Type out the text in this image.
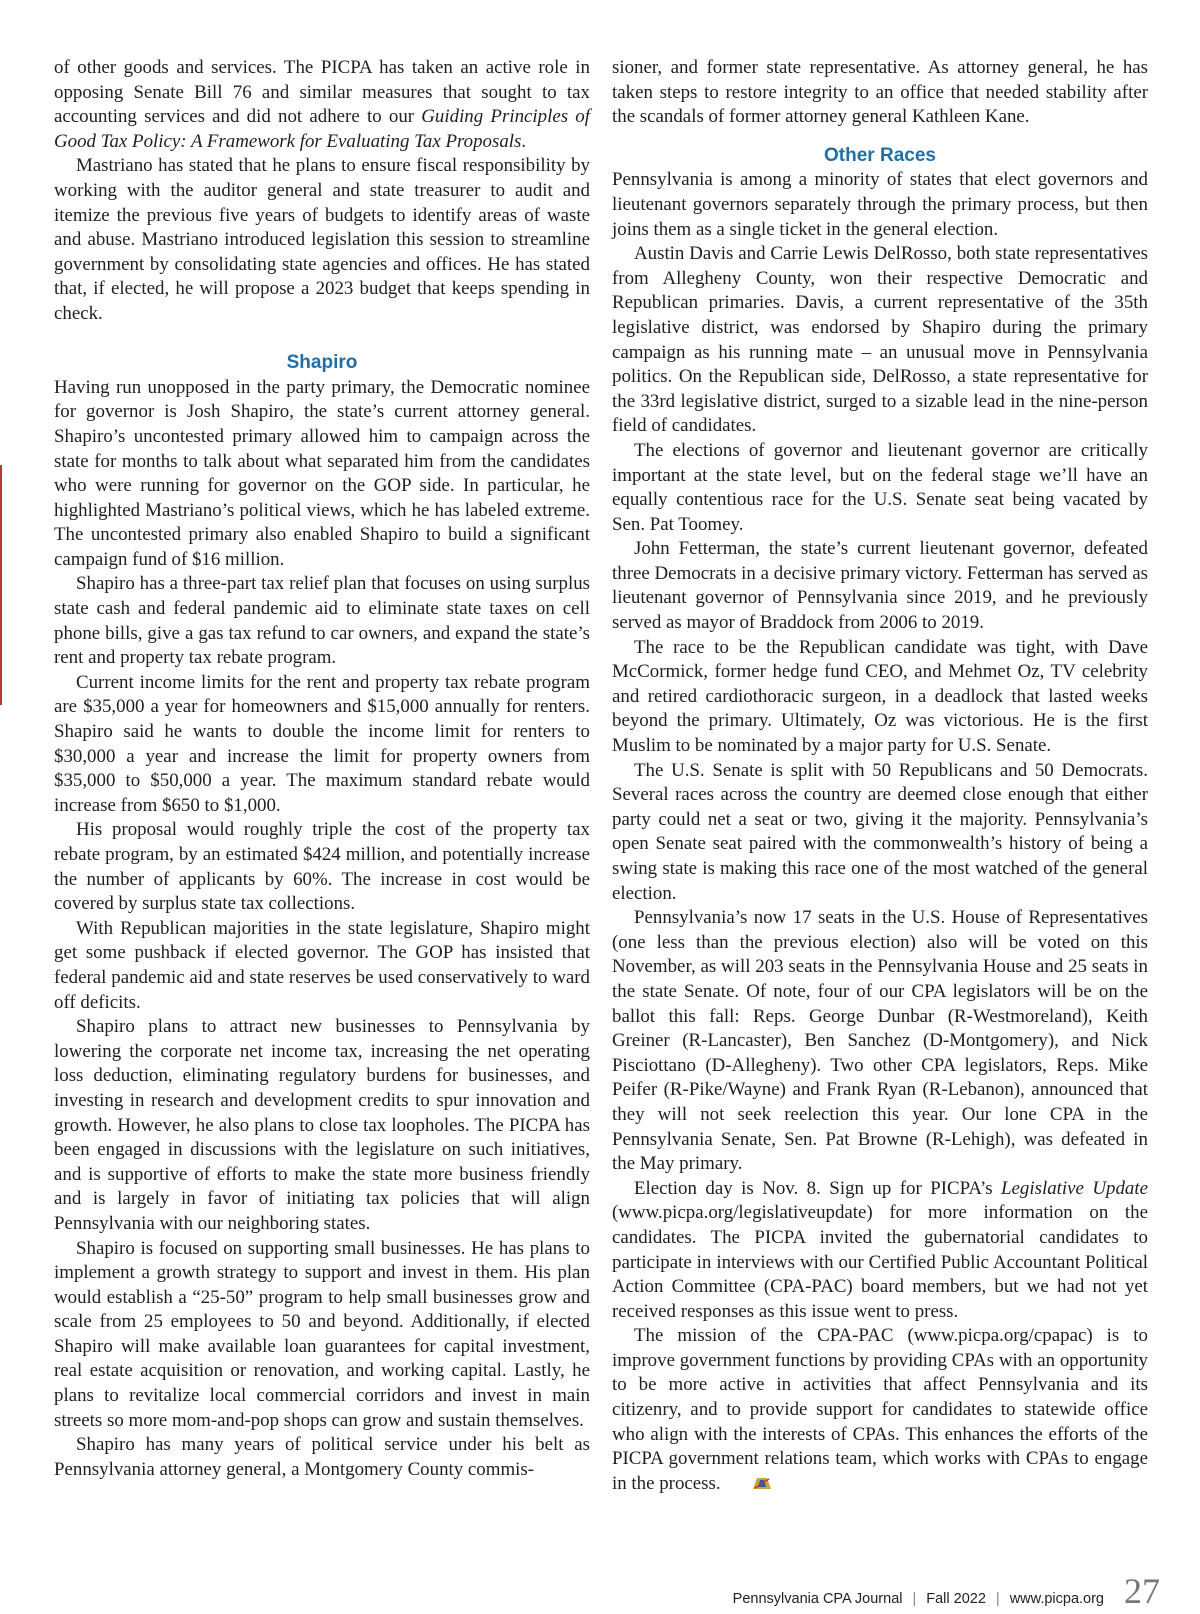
of other goods and services. The PICPA has taken an active role in opposing Senate Bill 76 and similar measures that sought to tax accounting services and did not adhere to our Guiding Principles of Good Tax Policy: A Framework for Evaluating Tax Proposals.

Mastriano has stated that he plans to ensure fiscal responsibility by working with the auditor general and state treasurer to audit and itemize the previous five years of budgets to identify areas of waste and abuse. Mastriano introduced legislation this session to streamline government by consolidating state agencies and offices. He has stated that, if elected, he will propose a 2023 budget that keeps spending in check.

Shapiro

Having run unopposed in the party primary, the Democratic nominee for governor is Josh Shapiro, the state’s current attorney general. Shapiro’s uncontested primary allowed him to campaign across the state for months to talk about what separated him from the candidates who were running for governor on the GOP side. In particular, he highlighted Mastriano’s political views, which he has labeled extreme. The uncontested primary also enabled Shapiro to build a significant campaign fund of $16 million.

Shapiro has a three-part tax relief plan that focuses on using surplus state cash and federal pandemic aid to eliminate state taxes on cell phone bills, give a gas tax refund to car owners, and expand the state’s rent and property tax rebate program.

Current income limits for the rent and property tax rebate program are $35,000 a year for homeowners and $15,000 annually for renters. Shapiro said he wants to double the income limit for renters to $30,000 a year and increase the limit for property owners from $35,000 to $50,000 a year. The maximum standard rebate would increase from $650 to $1,000.

His proposal would roughly triple the cost of the property tax rebate program, by an estimated $424 million, and potentially increase the number of applicants by 60%. The increase in cost would be covered by surplus state tax collections.

With Republican majorities in the state legislature, Shapiro might get some pushback if elected governor. The GOP has insisted that federal pandemic aid and state reserves be used conservatively to ward off deficits.

Shapiro plans to attract new businesses to Pennsylvania by lowering the corporate net income tax, increasing the net operating loss deduction, eliminating regulatory burdens for businesses, and investing in research and development credits to spur innovation and growth. However, he also plans to close tax loopholes. The PICPA has been engaged in discussions with the legislature on such initiatives, and is supportive of efforts to make the state more business friendly and is largely in favor of initiating tax policies that will align Pennsylvania with our neighboring states.

Shapiro is focused on supporting small businesses. He has plans to implement a growth strategy to support and invest in them. His plan would establish a “25-50” program to help small businesses grow and scale from 25 employees to 50 and beyond. Additionally, if elected Shapiro will make available loan guarantees for capital investment, real estate acquisition or renovation, and working capital. Lastly, he plans to revitalize local commercial corridors and invest in main streets so more mom-and-pop shops can grow and sustain themselves.

Shapiro has many years of political service under his belt as Pennsylvania attorney general, a Montgomery County commis-

sioner, and former state representative. As attorney general, he has taken steps to restore integrity to an office that needed stability after the scandals of former attorney general Kathleen Kane.

Other Races

Pennsylvania is among a minority of states that elect governors and lieutenant governors separately through the primary process, but then joins them as a single ticket in the general election.

Austin Davis and Carrie Lewis DelRosso, both state representatives from Allegheny County, won their respective Democratic and Republican primaries. Davis, a current representative of the 35th legislative district, was endorsed by Shapiro during the primary campaign as his running mate – an unusual move in Pennsylvania politics. On the Republican side, DelRosso, a state representative for the 33rd legislative district, surged to a sizable lead in the nine-person field of candidates.

The elections of governor and lieutenant governor are critically important at the state level, but on the federal stage we’ll have an equally contentious race for the U.S. Senate seat being vacated by Sen. Pat Toomey.

John Fetterman, the state’s current lieutenant governor, defeated three Democrats in a decisive primary victory. Fetterman has served as lieutenant governor of Pennsylvania since 2019, and he previously served as mayor of Braddock from 2006 to 2019.

The race to be the Republican candidate was tight, with Dave McCormick, former hedge fund CEO, and Mehmet Oz, TV celebrity and retired cardiothoracic surgeon, in a deadlock that lasted weeks beyond the primary. Ultimately, Oz was victorious. He is the first Muslim to be nominated by a major party for U.S. Senate.

The U.S. Senate is split with 50 Republicans and 50 Democrats. Several races across the country are deemed close enough that either party could net a seat or two, giving it the majority. Pennsylvania’s open Senate seat paired with the commonwealth’s history of being a swing state is making this race one of the most watched of the general election.

Pennsylvania’s now 17 seats in the U.S. House of Representatives (one less than the previous election) also will be voted on this November, as will 203 seats in the Pennsylvania House and 25 seats in the state Senate. Of note, four of our CPA legislators will be on the ballot this fall: Reps. George Dunbar (R-Westmoreland), Keith Greiner (R-Lancaster), Ben Sanchez (D-Montgomery), and Nick Pisciottano (D-Allegheny). Two other CPA legislators, Reps. Mike Peifer (R-Pike/Wayne) and Frank Ryan (R-Lebanon), announced that they will not seek reelection this year. Our lone CPA in the Pennsylvania Senate, Sen. Pat Browne (R-Lehigh), was defeated in the May primary.

Election day is Nov. 8. Sign up for PICPA’s Legislative Update (www.picpa.org/legislativeupdate) for more information on the candidates. The PICPA invited the gubernatorial candidates to participate in interviews with our Certified Public Accountant Political Action Committee (CPA-PAC) board members, but we had not yet received responses as this issue went to press.

The mission of the CPA-PAC (www.picpa.org/cpapac) is to improve government functions by providing CPAs with an opportunity to be more active in activities that affect Pennsylvania and its citizenry, and to provide support for candidates to statewide office who align with the interests of CPAs. This enhances the efforts of the PICPA government relations team, which works with CPAs to engage in the process.

Pennsylvania CPA Journal | Fall 2022 | www.picpa.org 27
